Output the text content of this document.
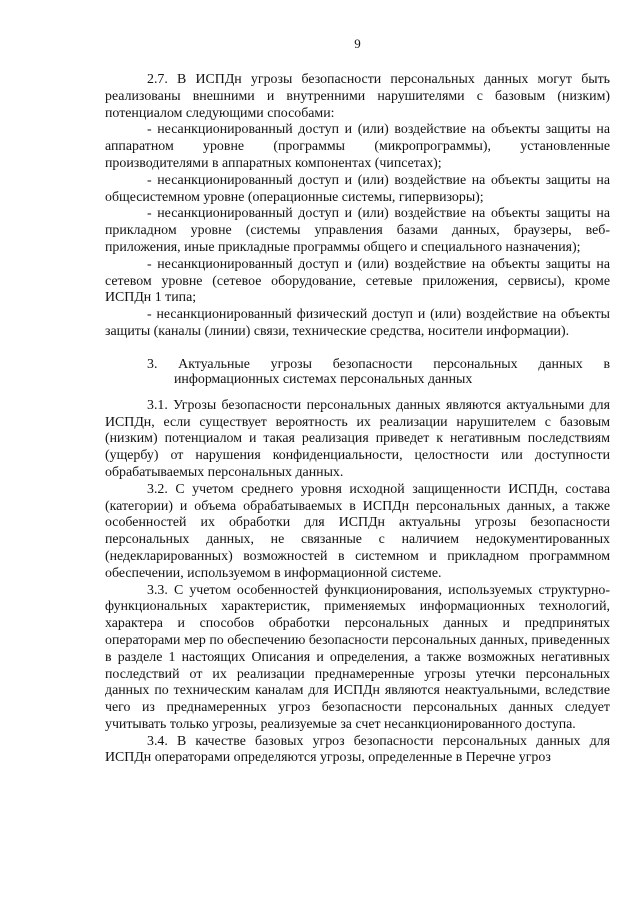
9

2.7. В ИСПДн угрозы безопасности персональных данных могут быть реализованы внешними и внутренними нарушителями с базовым (низким) потенциалом следующими способами:

- несанкционированный доступ и (или) воздействие на объекты защиты на аппаратном уровне (программы (микропрограммы), установленные производителями в аппаратных компонентах (чипсетах);

- несанкционированный доступ и (или) воздействие на объекты защиты на общесистемном уровне (операционные системы, гипервизоры);

- несанкционированный доступ и (или) воздействие на объекты защиты на прикладном уровне (системы управления базами данных, браузеры, веб-приложения, иные прикладные программы общего и специального назначения);

- несанкционированный доступ и (или) воздействие на объекты защиты на сетевом уровне (сетевое оборудование, сетевые приложения, сервисы), кроме ИСПДн 1 типа;

- несанкционированный физический доступ и (или) воздействие на объекты защиты (каналы (линии) связи, технические средства, носители информации).

3. Актуальные угрозы безопасности персональных данных в
информационных системах персональных данных

3.1. Угрозы безопасности персональных данных являются актуальными для ИСПДн, если существует вероятность их реализации нарушителем с базовым (низким) потенциалом и такая реализация приведет к негативным последствиям (ущербу) от нарушения конфиденциальности, целостности или доступности обрабатываемых персональных данных.

3.2. С учетом среднего уровня исходной защищенности ИСПДн, состава (категории) и объема обрабатываемых в ИСПДн персональных данных, а также особенностей их обработки для ИСПДн актуальны угрозы безопасности персональных данных, не связанные с наличием недокументированных (недекларированных) возможностей в системном и прикладном программном обеспечении, используемом в информационной системе.

3.3. С учетом особенностей функционирования, используемых структурно-функциональных характеристик, применяемых информационных технологий, характера и способов обработки персональных данных и предпринятых операторами мер по обеспечению безопасности персональных данных, приведенных в разделе 1 настоящих Описания и определения, а также возможных негативных последствий от их реализации преднамеренные угрозы утечки персональных данных по техническим каналам для ИСПДн являются неактуальными, вследствие чего из преднамеренных угроз безопасности персональных данных следует учитывать только угрозы, реализуемые за счет несанкционированного доступа.

3.4. В качестве базовых угроз безопасности персональных данных для ИСПДн операторами определяются угрозы, определенные в Перечне угроз
